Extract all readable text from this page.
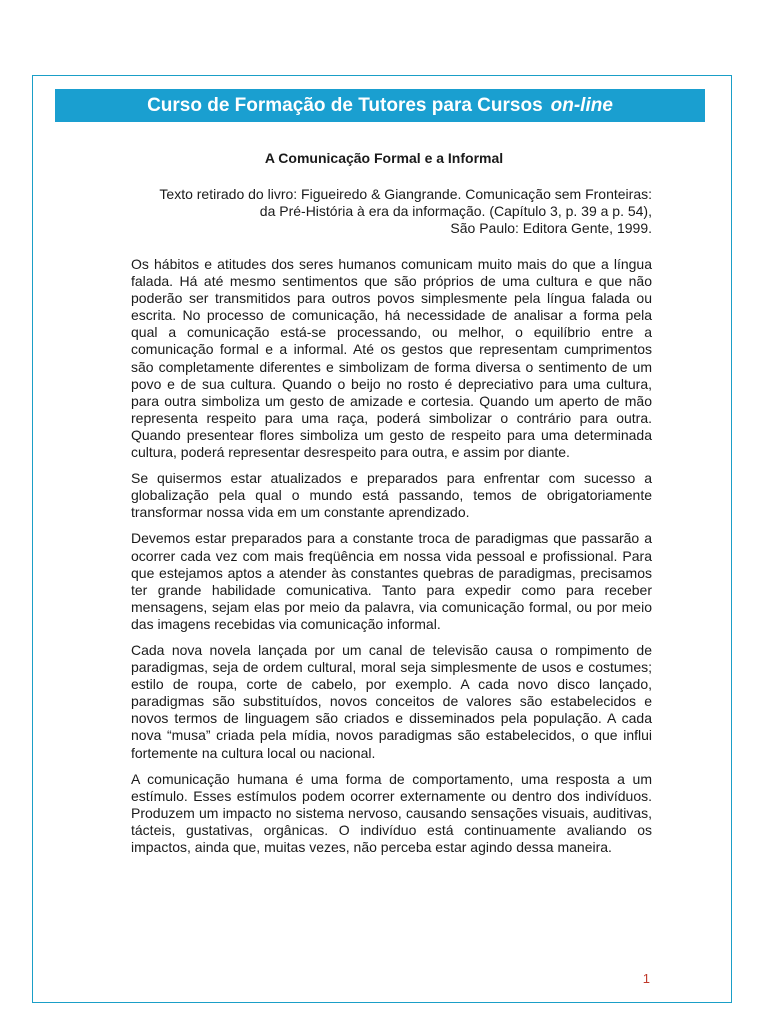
Curso de Formação de Tutores para Cursos on-line
A Comunicação Formal e a Informal
Texto retirado do livro: Figueiredo & Giangrande. Comunicação sem Fronteiras:
da Pré-História à era da informação. (Capítulo 3, p. 39 a p. 54),
São Paulo: Editora Gente, 1999.

Os hábitos e atitudes dos seres humanos comunicam muito mais do que a língua falada. Há até mesmo sentimentos que são próprios de uma cultura e que não poderão ser transmitidos para outros povos simplesmente pela língua falada ou escrita. No processo de comunicação, há necessidade de analisar a forma pela qual a comunicação está-se processando, ou melhor, o equilíbrio entre a comunicação formal e a informal. Até os gestos que representam cumprimentos são completamente diferentes e simbolizam de forma diversa o sentimento de um povo e de sua cultura. Quando o beijo no rosto é depreciativo para uma cultura, para outra simboliza um gesto de amizade e cortesia. Quando um aperto de mão representa respeito para uma raça, poderá simbolizar o contrário para outra. Quando presentear flores simboliza um gesto de respeito para uma determinada cultura, poderá representar desrespeito para outra, e assim por diante.

Se quisermos estar atualizados e preparados para enfrentar com sucesso a globalização pela qual o mundo está passando, temos de obrigatoriamente transformar nossa vida em um constante aprendizado.

Devemos estar preparados para a constante troca de paradigmas que passarão a ocorrer cada vez com mais freqüência em nossa vida pessoal e profissional. Para que estejamos aptos a atender às constantes quebras de paradigmas, precisamos ter grande habilidade comunicativa. Tanto para expedir como para receber mensagens, sejam elas por meio da palavra, via comunicação formal, ou por meio das imagens recebidas via comunicação informal.

Cada nova novela lançada por um canal de televisão causa o rompimento de paradigmas, seja de ordem cultural, moral seja simplesmente de usos e costumes; estilo de roupa, corte de cabelo, por exemplo. A cada novo disco lançado, paradigmas são substituídos, novos conceitos de valores são estabelecidos e novos termos de linguagem são criados e disseminados pela população. A cada nova “musa” criada pela mídia, novos paradigmas são estabelecidos, o que influi fortemente na cultura local ou nacional.

A comunicação humana é uma forma de comportamento, uma resposta a um estímulo. Esses estímulos podem ocorrer externamente ou dentro dos indivíduos. Produzem um impacto no sistema nervoso, causando sensações visuais, auditivas, tácteis, gustativas, orgânicas. O indivíduo está continuamente avaliando os impactos, ainda que, muitas vezes, não perceba estar agindo dessa maneira.

1
